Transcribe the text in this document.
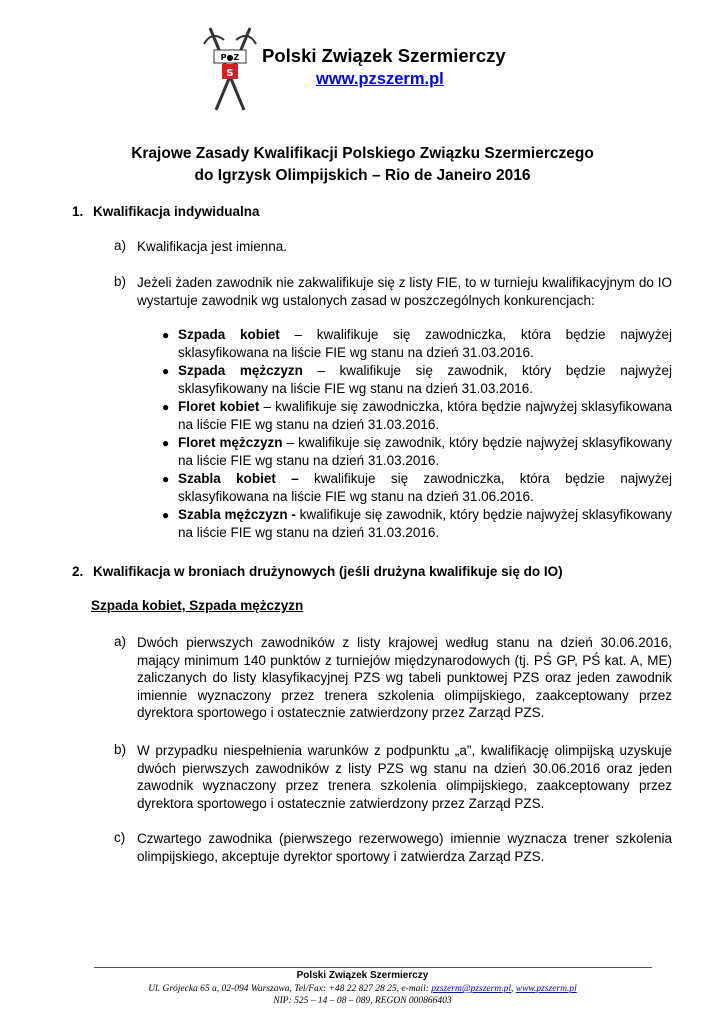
P●Z
S
Polski Związek Szermierczy
www.pzszerm.pl
Krajowe Zasady Kwalifikacji Polskiego Związku Szermierczego
do Igrzysk Olimpijskich – Rio de Janeiro 2016
1. Kwalifikacja indywidualna
a) Kwalifikacja jest imienna.
b) Jeżeli żaden zawodnik nie zakwalifikuje się z listy FIE, to w turnieju kwalifikacyjnym do IO wystartuje zawodnik wg ustalonych zasad w poszczególnych konkurencjach:
● Szpada kobiet – kwalifikuje się zawodniczka, która będzie najwyżej sklasyfikowana na liście FIE wg stanu na dzień 31.03.2016.
● Szpada mężczyzn – kwalifikuje się zawodnik, który będzie najwyżej sklasyfikowany na liście FIE wg stanu na dzień 31.03.2016.
● Floret kobiet – kwalifikuje się zawodniczka, która będzie najwyżej sklasyfikowana na liście FIE wg stanu na dzień 31.03.2016.
● Floret mężczyzn – kwalifikuje się zawodnik, który będzie najwyżej sklasyfikowany na liście FIE wg stanu na dzień 31.03.2016.
● Szabla kobiet – kwalifikuje się zawodniczka, która będzie najwyżej sklasyfikowana na liście FIE wg stanu na dzień 31.06.2016.
● Szabla mężczyzn - kwalifikuje się zawodnik, który będzie najwyżej sklasyfikowany na liście FIE wg stanu na dzień 31.03.2016.
2. Kwalifikacja w broniach drużynowych (jeśli drużyna kwalifikuje się do IO)
Szpada kobiet, Szpada mężczyzn
a) Dwóch pierwszych zawodników z listy krajowej według stanu na dzień 30.06.2016, mający minimum 140 punktów z turniejów międzynarodowych (tj. PŚ GP, PŚ kat. A, ME) zaliczanych do listy klasyfikacyjnej PZS wg tabeli punktowej PZS oraz jeden zawodnik imiennie wyznaczony przez trenera szkolenia olimpijskiego, zaakceptowany przez dyrektora sportowego i ostatecznie zatwierdzony przez Zarząd PZS.
b) W przypadku niespełnienia warunków z podpunktu „a”, kwalifikację olimpijską uzyskuje dwóch pierwszych zawodników z listy PZS wg stanu na dzień 30.06.2016 oraz jeden zawodnik wyznaczony przez trenera szkolenia olimpijskiego, zaakceptowany przez dyrektora sportowego i ostatecznie zatwierdzony przez Zarząd PZS.
c) Czwartego zawodnika (pierwszego rezerwowego) imiennie wyznacza trener szkolenia olimpijskiego, akceptuje dyrektor sportowy i zatwierdza Zarząd PZS.
Polski Związek Szermierczy
Ul. Grójecka 65 a, 02-094 Warszawa, Tel/Fax: +48 22 827 28 25, e-mail: pzszerm@pzszerm.pl, www.pzszerm.pl
NIP: 525 – 14 – 08 – 089, REGON 000866403
